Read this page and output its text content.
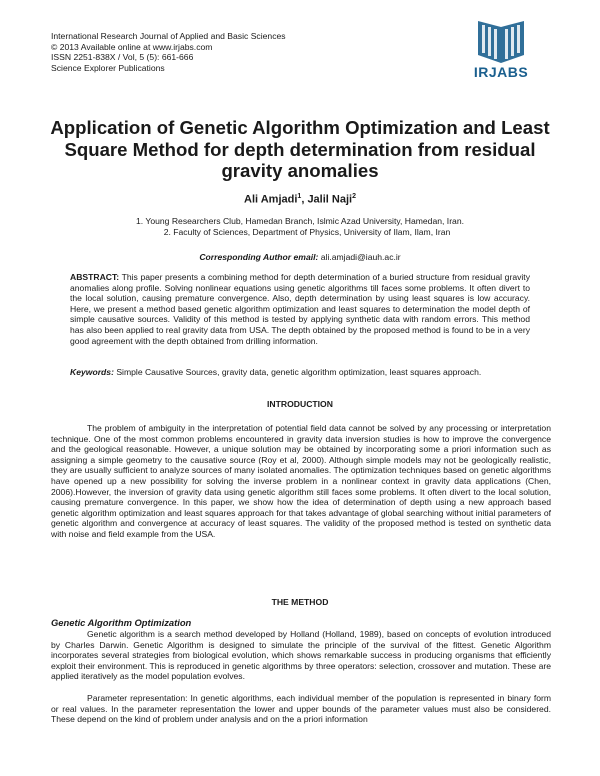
International Research Journal of Applied and Basic Sciences
© 2013 Available online at www.irjabs.com
ISSN 2251-838X / Vol, 5 (5): 661-666
Science Explorer Publications	IRJABS
Application of Genetic Algorithm Optimization and Least Square Method for depth determination from residual gravity anomalies
Ali Amjadi$^1$, Jalil Naji$^2$
1. Young Researchers Club, Hamedan Branch, Islmic Azad University, Hamedan, Iran.
2. Faculty of Sciences, Department of Physics, University of Ilam, Ilam, Iran
Corresponding Author email: ali.amjadi@iauh.ac.ir
ABSTRACT: This paper presents a combining method for depth determination of a buried structure from residual gravity anomalies along profile. Solving nonlinear equations using genetic algorithms till faces some problems. It often divert to the local solution, causing premature convergence. Also, depth determination by using least squares is low accuracy. Here, we present a method based genetic algorithm optimization and least squares to determination the model depth of simple causative sources. Validity of this method is tested by applying synthetic data with random errors. This method has also been applied to real gravity data from USA. The depth obtained by the proposed method is found to be in a very good agreement with the depth obtained from drilling information.
Keywords: Simple Causative Sources, gravity data, genetic algorithm optimization, least squares approach.
INTRODUCTION
The problem of ambiguity in the interpretation of potential field data cannot be solved by any processing or interpretation technique. One of the most common problems encountered in gravity data inversion studies is how to improve the convergence and the geological reasonable. However, a unique solution may be obtained by incorporating some a priori information such as assigning a simple geometry to the causative source (Roy et al, 2000). Although simple models may not be geologically realistic, they are usually sufficient to analyze sources of many isolated anomalies. The optimization techniques based on genetic algorithms have opened up a new possibility for solving the inverse problem in a nonlinear context in gravity data applications (Chen, 2006).However, the inversion of gravity data using genetic algorithm still faces some problems. It often divert to the local solution, causing premature convergence. In this paper, we show how the idea of determination of depth using a new approach based genetic algorithm optimization and least squares approach for that takes advantage of global searching without initial parameters of genetic algorithm and convergence at accuracy of least squares. The validity of the proposed method is tested on synthetic data with noise and field example from the USA.
THE METHOD
Genetic Algorithm Optimization
Genetic algorithm is a search method developed by Holland (Holland, 1989), based on concepts of evolution introduced by Charles Darwin. Genetic Algorithm is designed to simulate the principle of the survival of the fittest. Genetic Algorithm incorporates several strategies from biological evolution, which shows remarkable success in producing organisms that efficiently exploit their environment. This is reproduced in genetic algorithms by three operators: selection, crossover and mutation. These are applied iteratively as the model population evolves.
Parameter representation: In genetic algorithms, each individual member of the population is represented in binary form or real values. In the parameter representation the lower and upper bounds of the parameter values must also be considered. These depend on the kind of problem under analysis and on the a priori information
